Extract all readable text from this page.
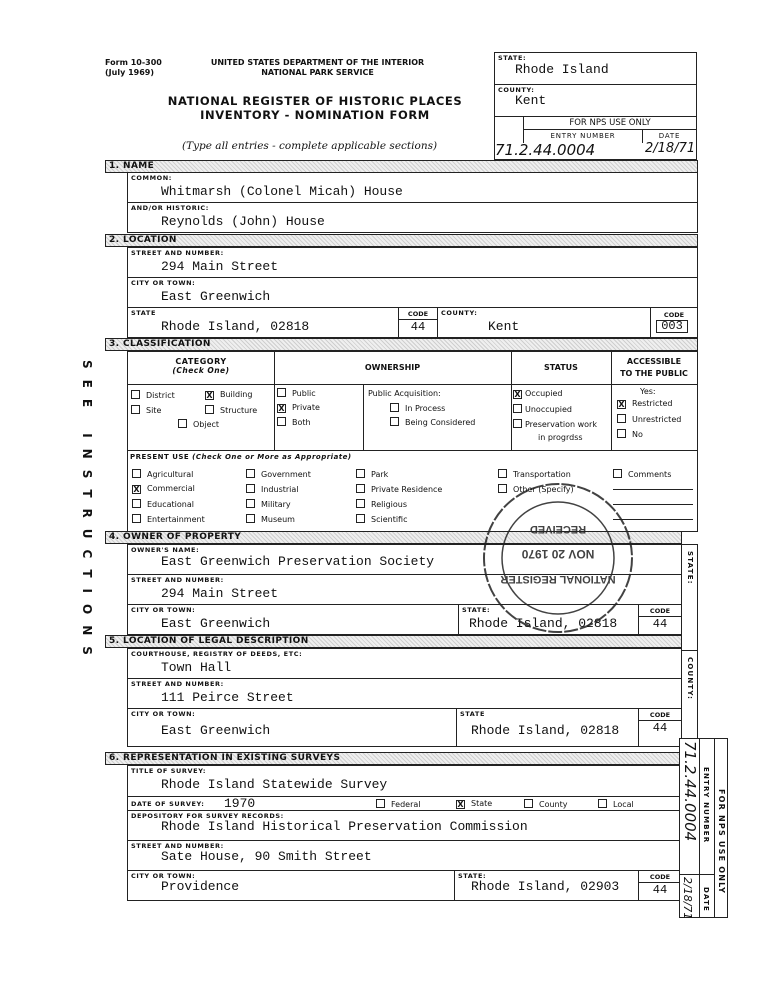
Form 10-300
(July 1969)
UNITED STATES DEPARTMENT OF THE INTERIOR
NATIONAL PARK SERVICE
NATIONAL REGISTER OF HISTORIC PLACES
INVENTORY - NOMINATION FORM
(Type all entries - complete applicable sections)
STATE:
Rhode Island
COUNTY:
Kent
FOR NPS USE ONLY
ENTRY NUMBER	DATE
71.2.44.0004	2/18/71
SEE INSTRUCTIONS
1. NAME
COMMON:
Whitmarsh (Colonel Micah) House
AND/OR HISTORIC:
Reynolds (John) House
2. LOCATION
STREET AND NUMBER:
294 Main Street
CITY OR TOWN:
East Greenwich
STATE
Rhode Island, 02818
CODE
44
COUNTY:
Kent
CODE
003
3. CLASSIFICATION
CATEGORY
(Check One)	OWNERSHIP	STATUS
ACCESSIBLE
TO THE PUBLIC
District	X Building
Site	Structure
Object
Public
X Private
Both
Public Acquisition:
In Process
Being Considered
X Occupied
Unoccupied
Preservation work
in progrdss
Yes:
X Restricted
Unrestricted
No
PRESENT USE (Check One or More as Appropriate)
Agricultural
X Commercial
Educational
Entertainment
Government
Industrial
Military
Museum
Park
Private Residence
Religious
Scientific
Transportation
Other (Specify)
Comments
4. OWNER OF PROPERTY
OWNER'S NAME:
East Greenwich Preservation Society
STREET AND NUMBER:
294 Main Street
CITY OR TOWN:
East Greenwich
STATE:
Rhode Island, 02818
CODE
44
5. LOCATION OF LEGAL DESCRIPTION
COURTHOUSE, REGISTRY OF DEEDS, ETC:
Town Hall
STREET AND NUMBER:
111 Peirce Street
CITY OR TOWN:
East Greenwich
STATE
Rhode Island, 02818
CODE
44
6. REPRESENTATION IN EXISTING SURVEYS
TITLE OF SURVEY:
Rhode Island Statewide Survey
DATE OF SURVEY: 1970	Federal	X State	County	Local
DEPOSITORY FOR SURVEY RECORDS:
Rhode Island Historical Preservation Commission
STREET AND NUMBER:
Sate House, 90 Smith Street
CITY OR TOWN:
Providence
STATE:
Rhode Island, 02903
CODE
44
STATE:
COUNTY:
71.2.44.0004
2/18/71
ENTRY NUMBER
DATE
FOR NPS USE ONLY
NATIONAL REGISTER
NOV 20 1970
RECEIVED
